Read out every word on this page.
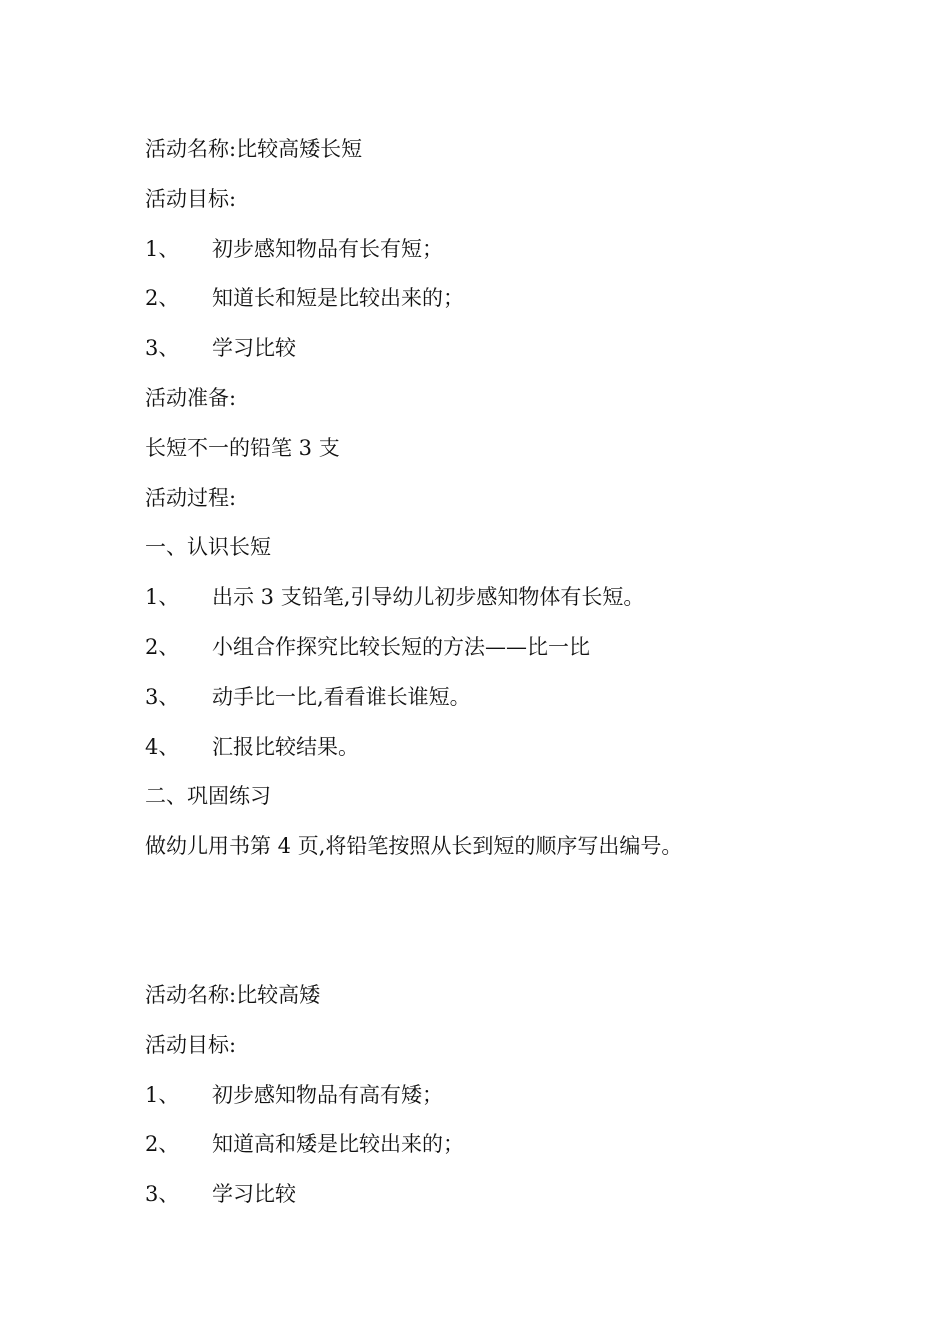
活动名称:比较高矮长短
活动目标:
1、 初步感知物品有长有短；
2、 知道长和短是比较出来的；
3、 学习比较
活动准备:
长短不一的铅笔 3 支
活动过程:
一、认识长短
1、 出示 3 支铅笔,引导幼儿初步感知物体有长短。
2、 小组合作探究比较长短的方法——比一比
3、 动手比一比,看看谁长谁短。
4、 汇报比较结果。
二、巩固练习
做幼儿用书第 4 页,将铅笔按照从长到短的顺序写出编号。
活动名称:比较高矮
活动目标:
1、 初步感知物品有高有矮；
2、 知道高和矮是比较出来的；
3、 学习比较
